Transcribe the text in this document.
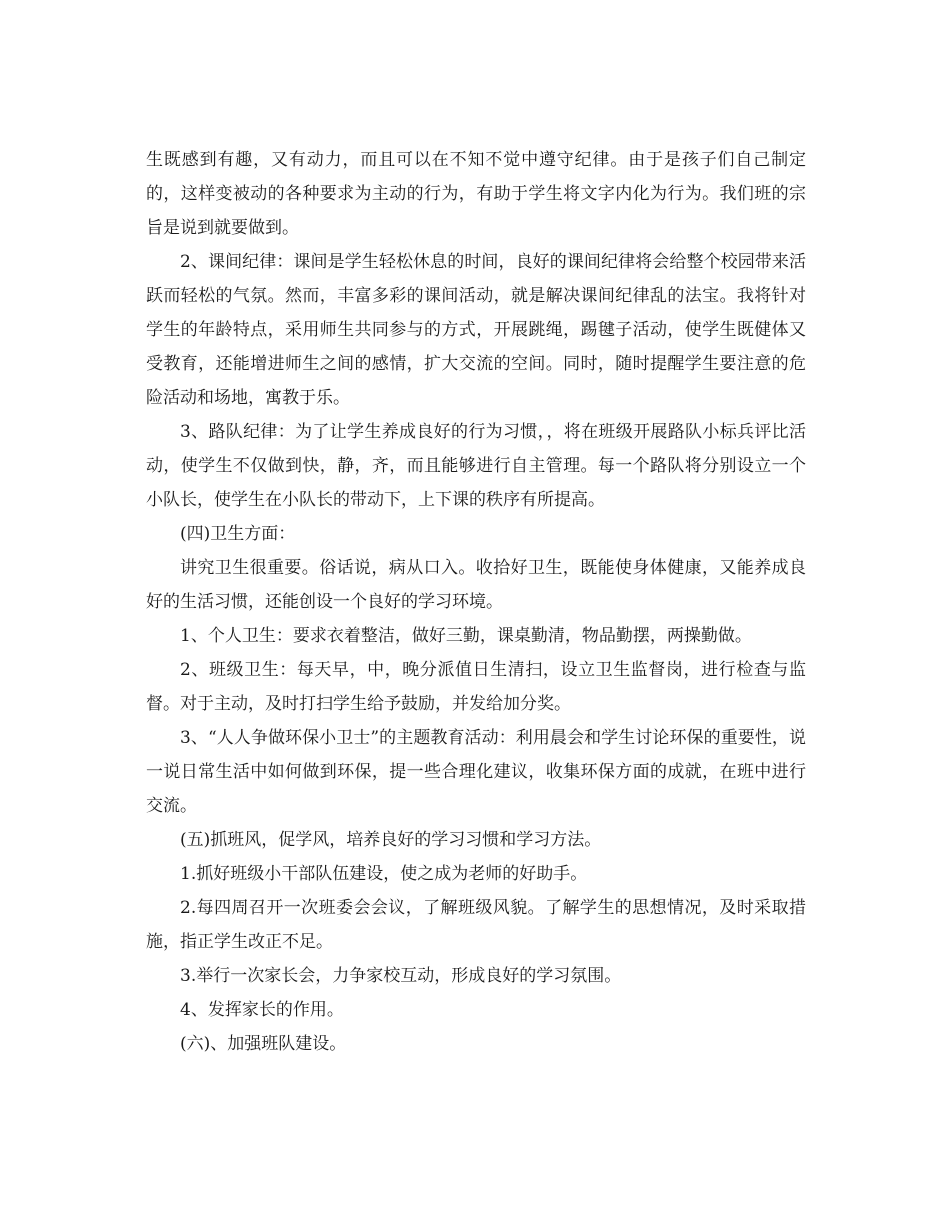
生既感到有趣，又有动力，而且可以在不知不觉中遵守纪律。由于是孩子们自己制定的，这样变被动的各种要求为主动的行为，有助于学生将文字内化为行为。我们班的宗旨是说到就要做到。

2、课间纪律：课间是学生轻松休息的时间，良好的课间纪律将会给整个校园带来活跃而轻松的气氛。然而，丰富多彩的课间活动，就是解决课间纪律乱的法宝。我将针对学生的年龄特点，采用师生共同参与的方式，开展跳绳，踢毽子活动，使学生既健体又受教育，还能增进师生之间的感情，扩大交流的空间。同时，随时提醒学生要注意的危险活动和场地，寓教于乐。

3、路队纪律：为了让学生养成良好的行为习惯，，将在班级开展路队小标兵评比活动，使学生不仅做到快，静，齐，而且能够进行自主管理。每一个路队将分别设立一个小队长，使学生在小队长的带动下，上下课的秩序有所提高。

(四)卫生方面：

讲究卫生很重要。俗话说，病从口入。收拾好卫生，既能使身体健康，又能养成良好的生活习惯，还能创设一个良好的学习环境。

1、个人卫生：要求衣着整洁，做好三勤，课桌勤清，物品勤摆，两操勤做。

2、班级卫生：每天早，中，晚分派值日生清扫，设立卫生监督岗，进行检查与监督。对于主动，及时打扫学生给予鼓励，并发给加分奖。

3、“人人争做环保小卫士”的主题教育活动：利用晨会和学生讨论环保的重要性，说一说日常生活中如何做到环保，提一些合理化建议，收集环保方面的成就，在班中进行交流。

(五)抓班风，促学风，培养良好的学习习惯和学习方法。

1.抓好班级小干部队伍建设，使之成为老师的好助手。

2.每四周召开一次班委会会议，了解班级风貌。了解学生的思想情况，及时采取措施，指正学生改正不足。

3.举行一次家长会，力争家校互动，形成良好的学习氛围。

4、发挥家长的作用。

(六)、加强班队建设。
